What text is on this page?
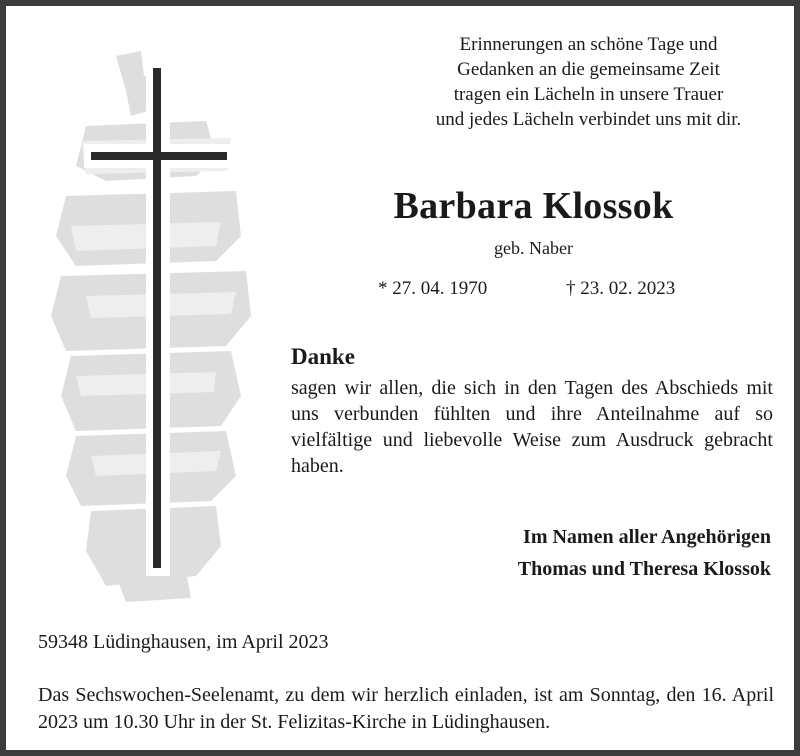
Erinnerungen an schöne Tage und
Gedanken an die gemeinsame Zeit
tragen ein Lächeln in unsere Trauer
und jedes Lächeln verbindet uns mit dir.
Barbara Klossok
geb. Naber
* 27. 04. 1970	† 23. 02. 2023
Danke
sagen wir allen, die sich in den Tagen des Abschieds mit uns verbunden fühlten und ihre Anteilnahme auf so vielfältige und liebevolle Weise zum Ausdruck gebracht haben.
Im Namen aller Angehörigen
Thomas und Theresa Klossok
59348 Lüdinghausen, im April 2023
Das Sechswochen-Seelenamt, zu dem wir herzlich einladen, ist am Sonntag, den 16. April 2023 um 10.30 Uhr in der St. Felizitas-Kirche in Lüdinghausen.
